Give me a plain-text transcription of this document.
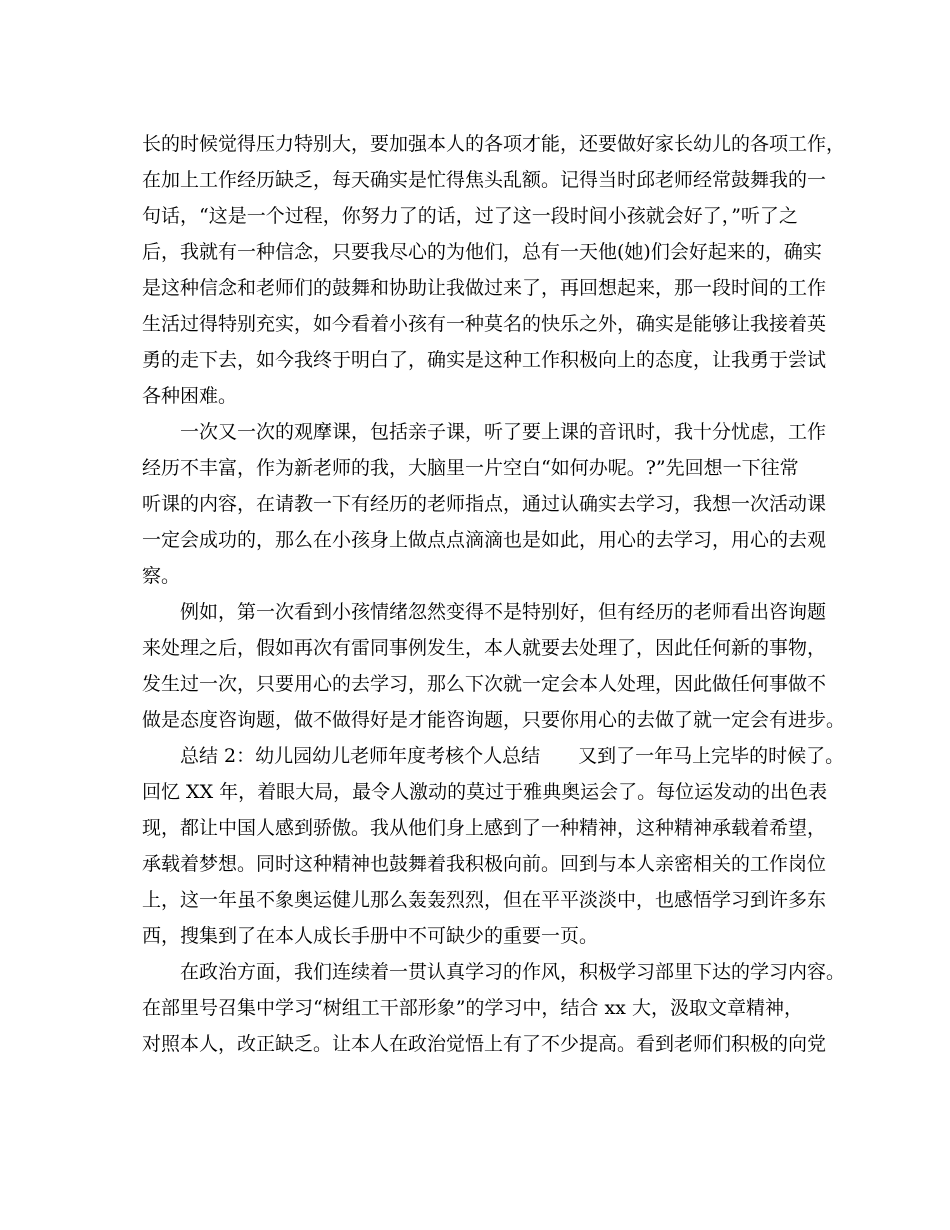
长的时候觉得压力特别大，要加强本人的各项才能，还要做好家长幼儿的各项工作，
在加上工作经历缺乏，每天确实是忙得焦头乱额。记得当时邱老师经常鼓舞我的一
句话，“这是一个过程，你努力了的话，过了这一段时间小孩就会好了，”听了之
后，我就有一种信念，只要我尽心的为他们，总有一天他(她)们会好起来的，确实
是这种信念和老师们的鼓舞和协助让我做过来了，再回想起来，那一段时间的工作
生活过得特别充实，如今看着小孩有一种莫名的快乐之外，确实是能够让我接着英
勇的走下去，如今我终于明白了，确实是这种工作积极向上的态度，让我勇于尝试
各种困难。
一次又一次的观摩课，包括亲子课，听了要上课的音讯时，我十分忧虑，工作
经历不丰富，作为新老师的我，大脑里一片空白“如何办呢。?”先回想一下往常
听课的内容，在请教一下有经历的老师指点，通过认确实去学习，我想一次活动课
一定会成功的，那么在小孩身上做点点滴滴也是如此，用心的去学习，用心的去观
察。
例如，第一次看到小孩情绪忽然变得不是特别好，但有经历的老师看出咨询题
来处理之后，假如再次有雷同事例发生，本人就要去处理了，因此任何新的事物，
发生过一次，只要用心的去学习，那么下次就一定会本人处理，因此做任何事做不
做是态度咨询题，做不做得好是才能咨询题，只要你用心的去做了就一定会有进步。
总结 2：幼儿园幼儿老师年度考核个人总结　　又到了一年马上完毕的时候了。
回忆 XX 年，着眼大局，最令人激动的莫过于雅典奥运会了。每位运发动的出色表
现，都让中国人感到骄傲。我从他们身上感到了一种精神，这种精神承载着希望，
承载着梦想。同时这种精神也鼓舞着我积极向前。回到与本人亲密相关的工作岗位
上，这一年虽不象奥运健儿那么轰轰烈烈，但在平平淡淡中，也感悟学习到许多东
西，搜集到了在本人成长手册中不可缺少的重要一页。
在政治方面，我们连续着一贯认真学习的作风，积极学习部里下达的学习内容。
在部里号召集中学习“树组工干部形象”的学习中，结合 xx 大，汲取文章精神，
对照本人，改正缺乏。让本人在政治觉悟上有了不少提高。看到老师们积极的向党
